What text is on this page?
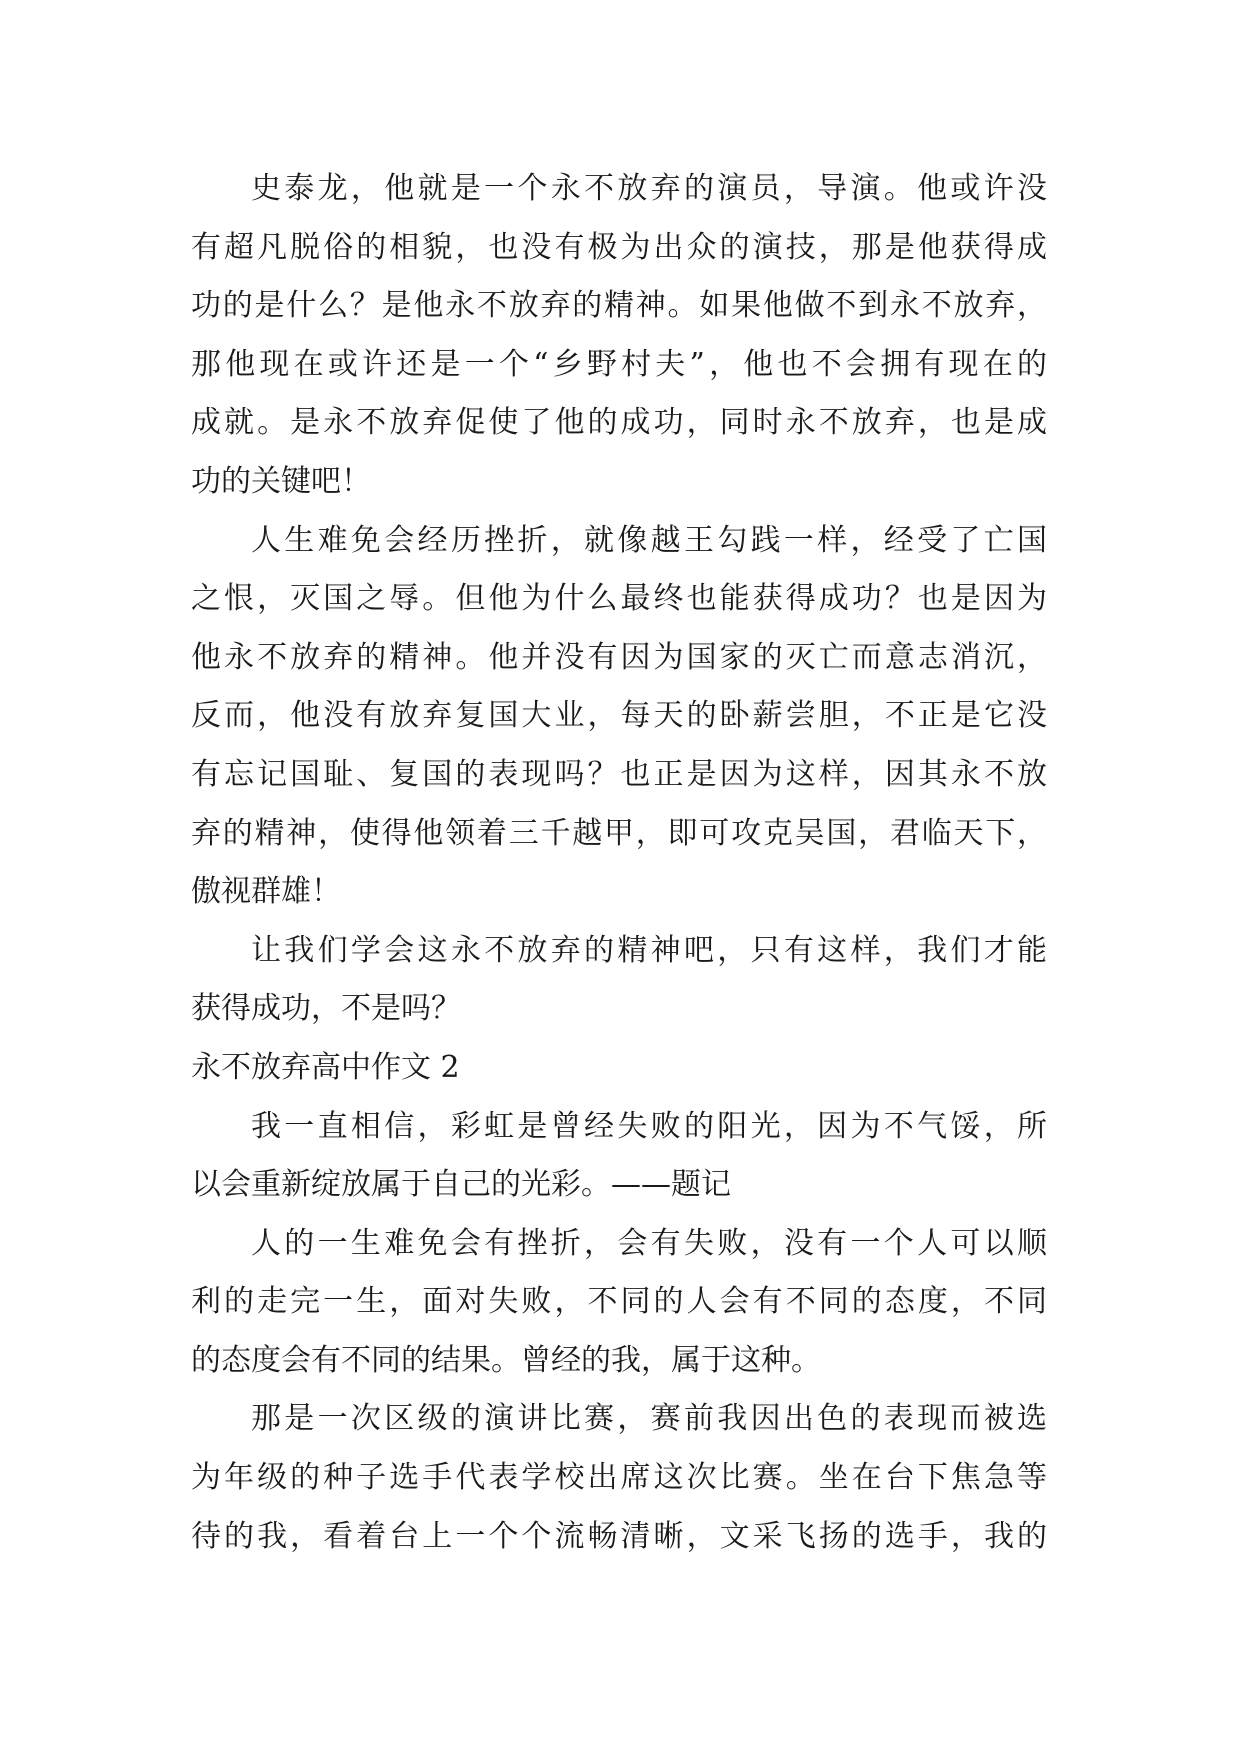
史泰龙，他就是一个永不放弃的演员，导演。他或许没
有超凡脱俗的相貌，也没有极为出众的演技，那是他获得成
功的是什么？是他永不放弃的精神。如果他做不到永不放弃，
那他现在或许还是一个“乡野村夫”，他也不会拥有现在的
成就。是永不放弃促使了他的成功，同时永不放弃，也是成
功的关键吧！
人生难免会经历挫折，就像越王勾践一样，经受了亡国
之恨，灭国之辱。但他为什么最终也能获得成功？也是因为
他永不放弃的精神。他并没有因为国家的灭亡而意志消沉，
反而，他没有放弃复国大业，每天的卧薪尝胆，不正是它没
有忘记国耻、复国的表现吗？也正是因为这样，因其永不放
弃的精神，使得他领着三千越甲，即可攻克吴国，君临天下，
傲视群雄！
让我们学会这永不放弃的精神吧，只有这样，我们才能
获得成功，不是吗？
永不放弃高中作文 2
我一直相信，彩虹是曾经失败的阳光，因为不气馁，所
以会重新绽放属于自己的光彩。——题记
人的一生难免会有挫折，会有失败，没有一个人可以顺
利的走完一生，面对失败，不同的人会有不同的态度，不同
的态度会有不同的结果。曾经的我，属于这种。
那是一次区级的演讲比赛，赛前我因出色的表现而被选
为年级的种子选手代表学校出席这次比赛。坐在台下焦急等
待的我，看着台上一个个流畅清晰，文采飞扬的选手，我的
